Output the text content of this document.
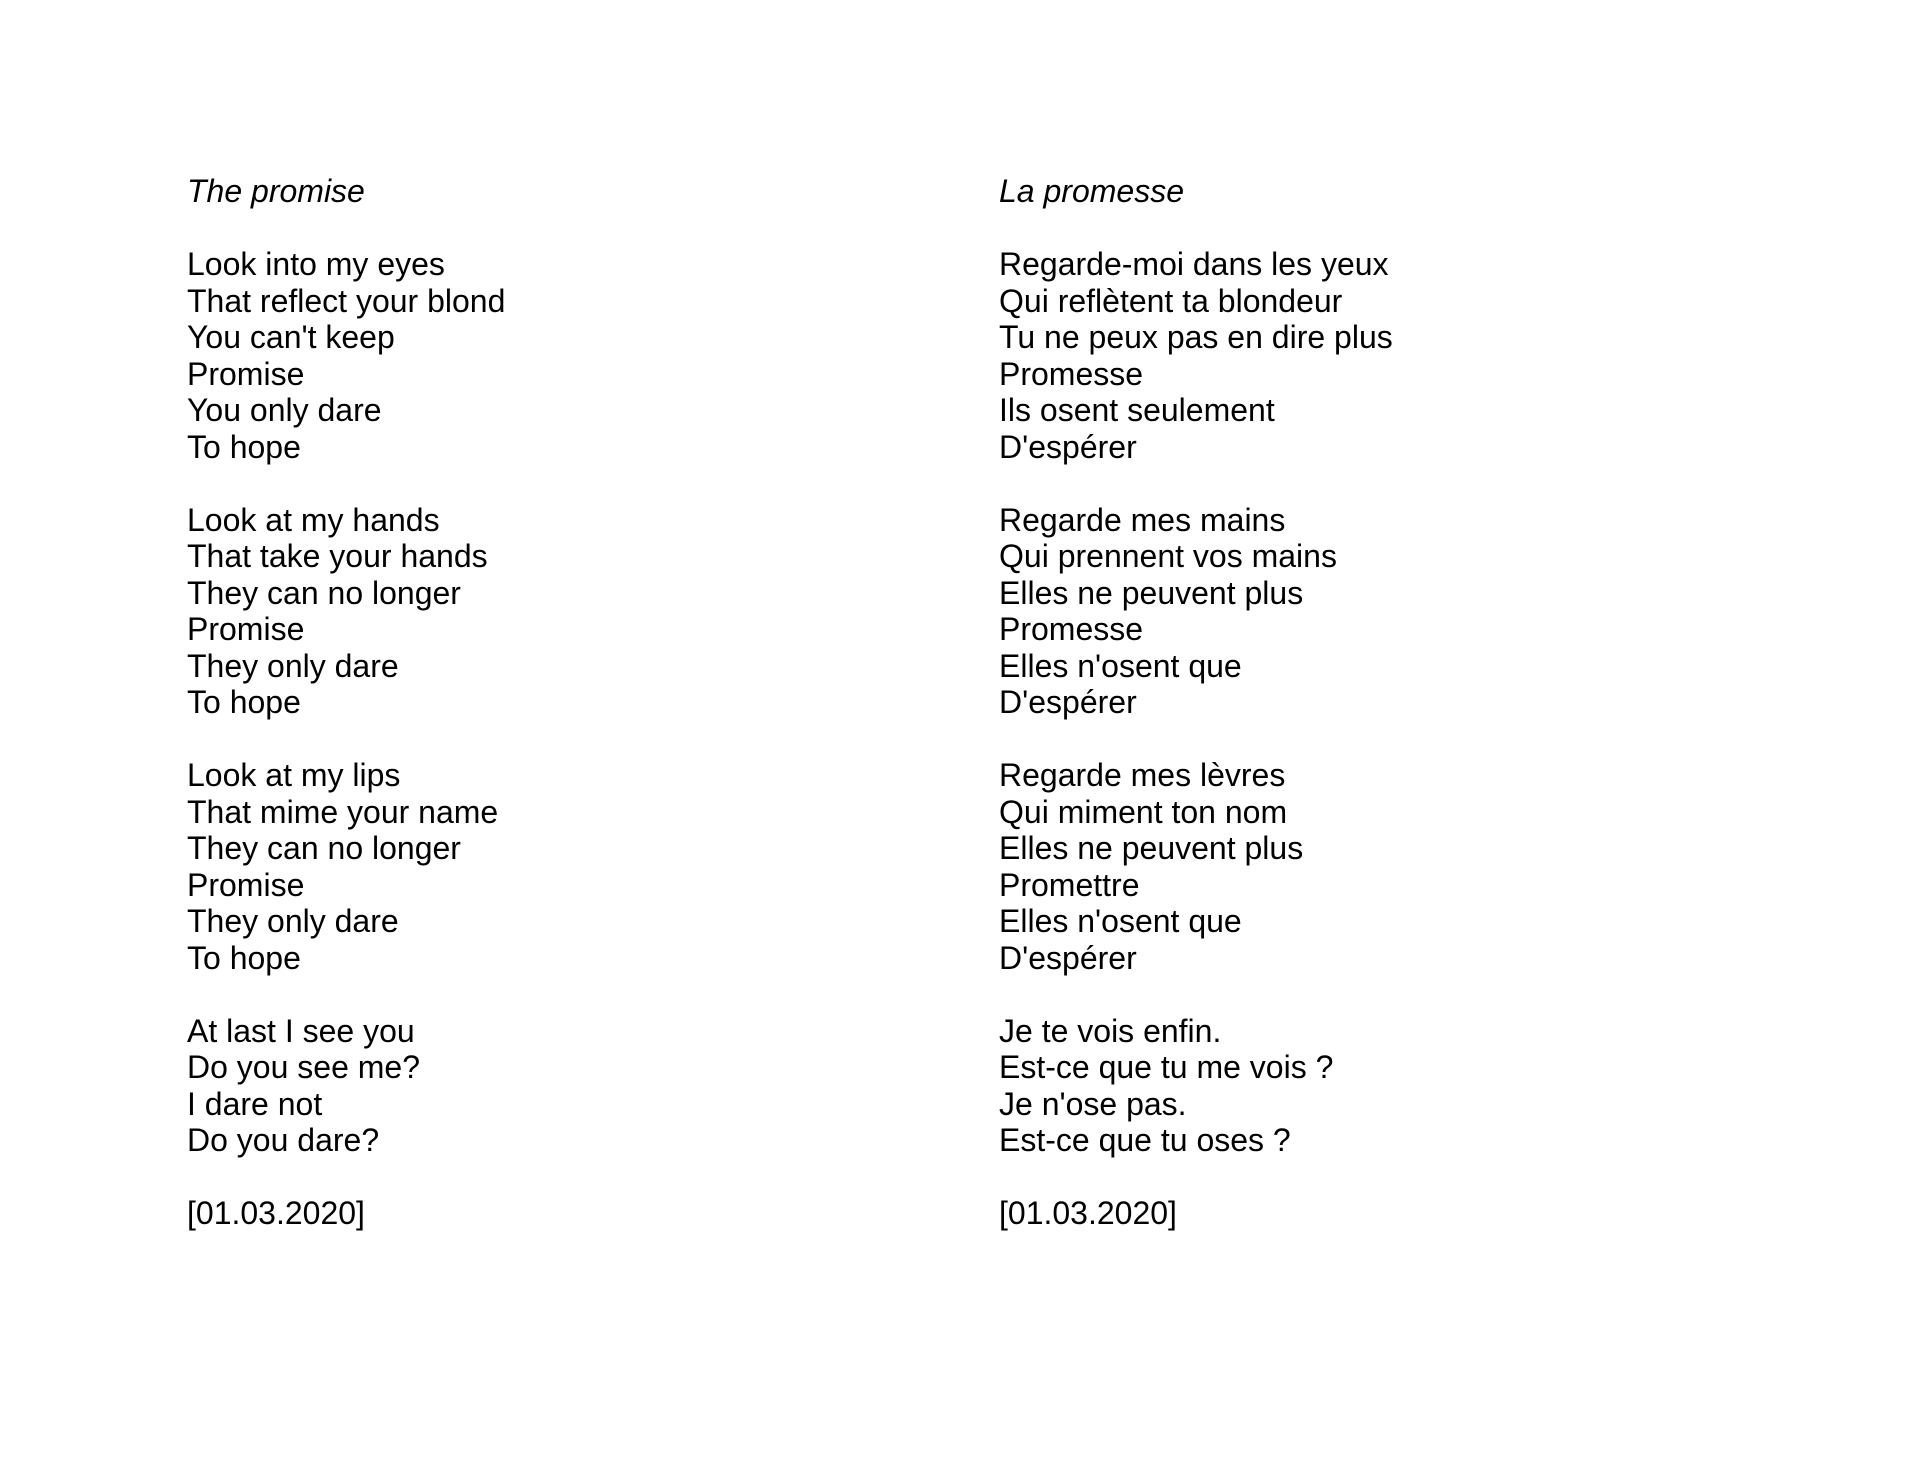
The promise
Look into my eyes
That reflect your blond
You can't keep
Promise
You only dare
To hope
Look at my hands
That take your hands
They can no longer
Promise
They only dare
To hope
Look at my lips
That mime your name
They can no longer
Promise
They only dare
To hope
At last I see you
Do you see me?
I dare not
Do you dare?
[01.03.2020]
La promesse
Regarde-moi dans les yeux
Qui reflètent ta blondeur
Tu ne peux pas en dire plus
Promesse
Ils osent seulement
D'espérer
Regarde mes mains
Qui prennent vos mains
Elles ne peuvent plus
Promesse
Elles n'osent que
D'espérer
Regarde mes lèvres
Qui miment ton nom
Elles ne peuvent plus
Promettre
Elles n'osent que
D'espérer
Je te vois enfin.
Est-ce que tu me vois ?
Je n'ose pas.
Est-ce que tu oses ?
[01.03.2020]
